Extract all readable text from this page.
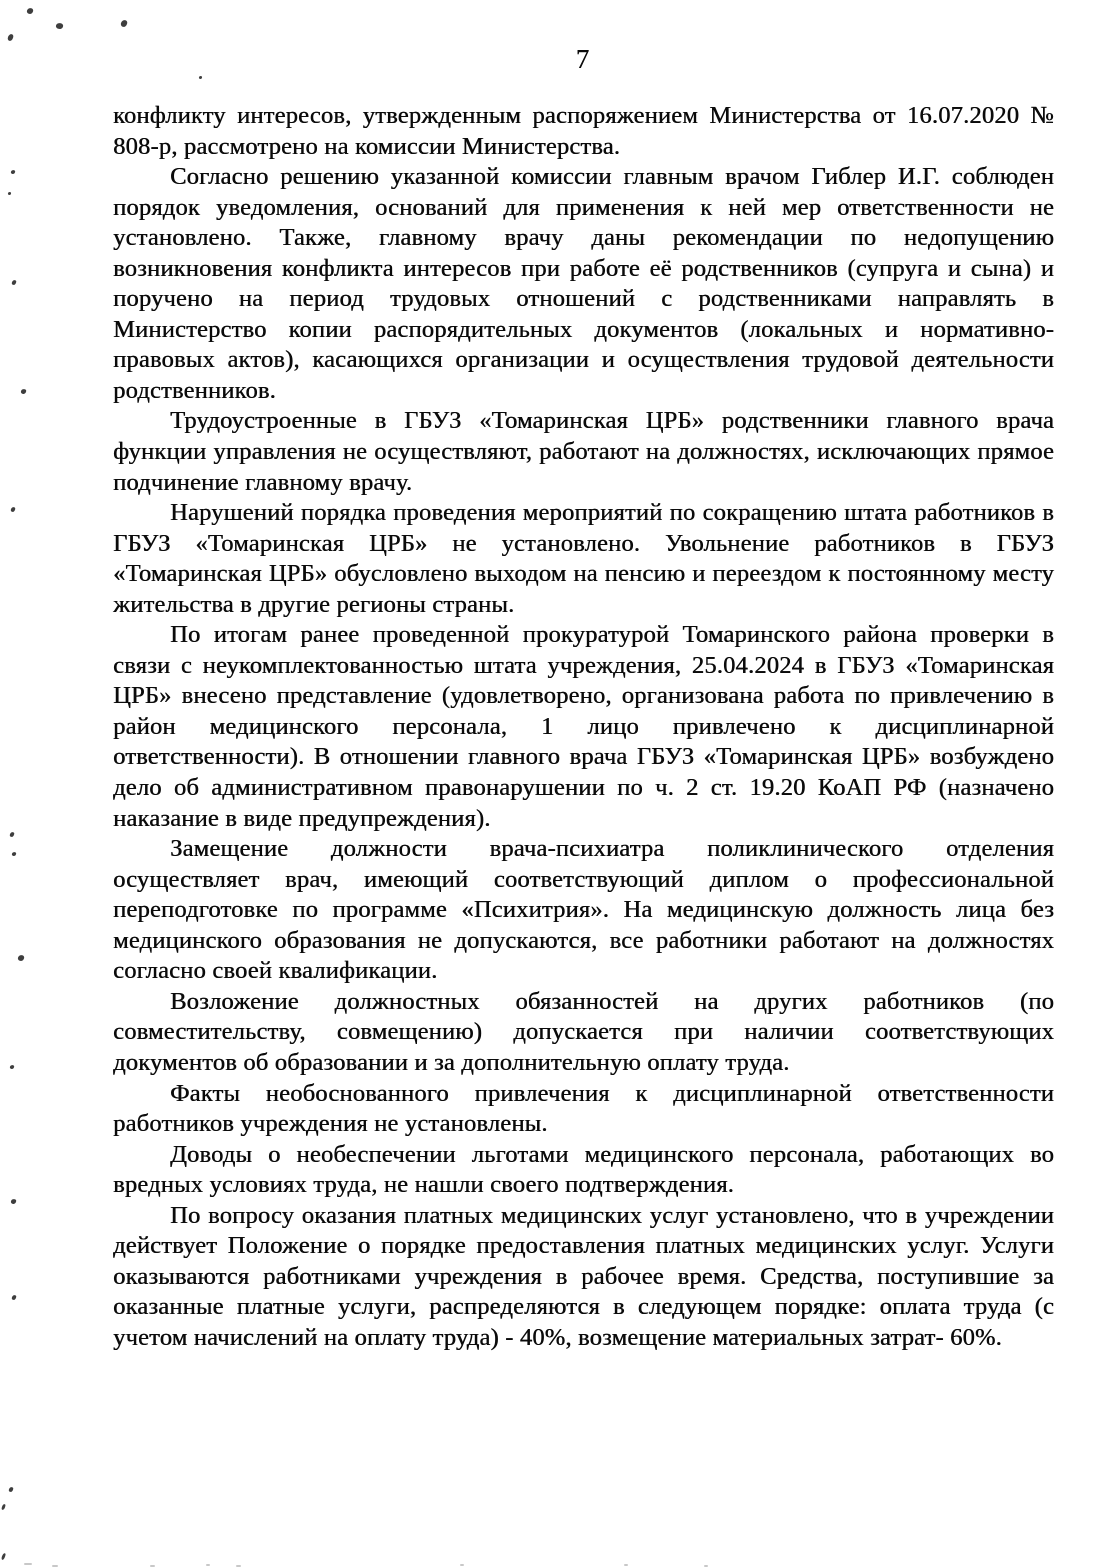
7

конфликту интересов, утвержденным распоряжением Министерства от 16.07.2020 № 808-р, рассмотрено на комиссии Министерства.

Согласно решению указанной комиссии главным врачом Гиблер И.Г. соблюден порядок уведомления, оснований для применения к ней мер ответственности не установлено. Также, главному врачу даны рекомендации по недопущению возникновения конфликта интересов при работе её родственников (супруга и сына) и поручено на период трудовых отношений с родственниками направлять в Министерство копии распорядительных документов (локальных и нормативно-правовых актов), касающихся организации и осуществления трудовой деятельности родственников.

Трудоустроенные в ГБУЗ «Томаринская ЦРБ» родственники главного врача функции управления не осуществляют, работают на должностях, исключающих прямое подчинение главному врачу.

Нарушений порядка проведения мероприятий по сокращению штата работников в ГБУЗ «Томаринская ЦРБ» не установлено. Увольнение работников в ГБУЗ «Томаринская ЦРБ» обусловлено выходом на пенсию и переездом к постоянному месту жительства в другие регионы страны.

По итогам ранее проведенной прокуратурой Томаринского района проверки в связи с неукомплектованностью штата учреждения, 25.04.2024 в ГБУЗ «Томаринская ЦРБ» внесено представление (удовлетворено, организована работа по привлечению в район медицинского персонала, 1 лицо привлечено к дисциплинарной ответственности). В отношении главного врача ГБУЗ «Томаринская ЦРБ» возбуждено дело об административном правонарушении по ч. 2 ст. 19.20 КоАП РФ (назначено наказание в виде предупреждения).

Замещение должности врача-психиатра поликлинического отделения осуществляет врач, имеющий соответствующий диплом о профессиональной переподготовке по программе «Психитрия». На медицинскую должность лица без медицинского образования не допускаются, все работники работают на должностях согласно своей квалификации.

Возложение должностных обязанностей на других работников (по совместительству, совмещению) допускается при наличии соответствующих документов об образовании и за дополнительную оплату труда.

Факты необоснованного привлечения к дисциплинарной ответственности работников учреждения не установлены.

Доводы о необеспечении льготами медицинского персонала, работающих во вредных условиях труда, не нашли своего подтверждения.

По вопросу оказания платных медицинских услуг установлено, что в учреждении действует Положение о порядке предоставления платных медицинских услуг. Услуги оказываются работниками учреждения в рабочее время. Средства, поступившие за оказанные платные услуги, распределяются в следующем порядке: оплата труда (с учетом начислений на оплату труда) - 40%, возмещение материальных затрат- 60%.
